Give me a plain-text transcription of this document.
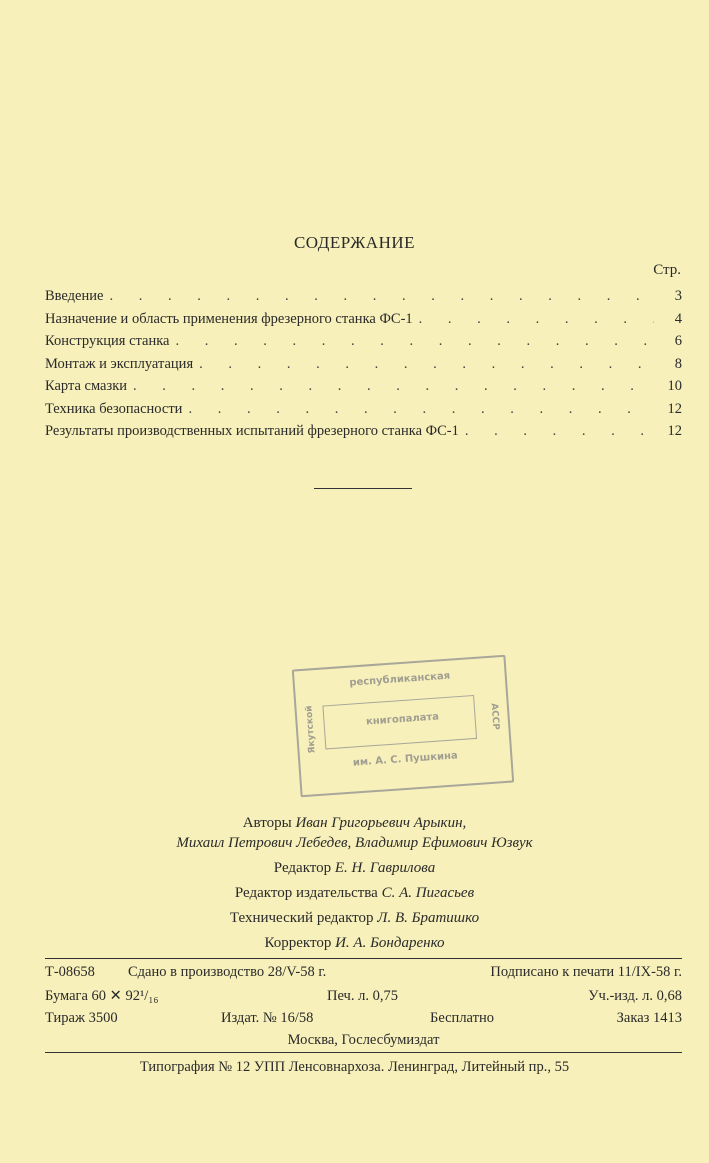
СОДЕРЖАНИЕ
Стр.
Введение . . .	3
Назначение и область применения фрезерного станка ФС-1 . . .	4
Конструкция станка . . .	6
Монтаж и эксплуатация . . .	8
Карта смазки . . .	10
Техника безопасности . . .	12
Результаты производственных испытаний фрезерного станка ФС-1 . . .	12
республиканская
книгопалата
им. А. С. Пушкина
Якутской	АССР
Авторы Иван Григорьевич Арыкин,
Михаил Петрович Лебедев, Владимир Ефимович Юзвук
Редактор Е. Н. Гаврилова
Редактор издательства С. А. Пигасьев
Технический редактор Л. В. Братишко
Корректор И. А. Бондаренко
Т-08658 Сдано в производство 28/V-58 г.	Подписано к печати 11/IX-58 г.
Бумага 60 ✕ 92¹/₁₆	Печ. л. 0,75	Уч.-изд. л. 0,68
Тираж 3500	Издат. № 16/58	Бесплатно	Заказ 1413
Москва, Гослесбумиздат
Типография № 12 УПП Ленсовнархоза. Ленинград, Литейный пр., 55
